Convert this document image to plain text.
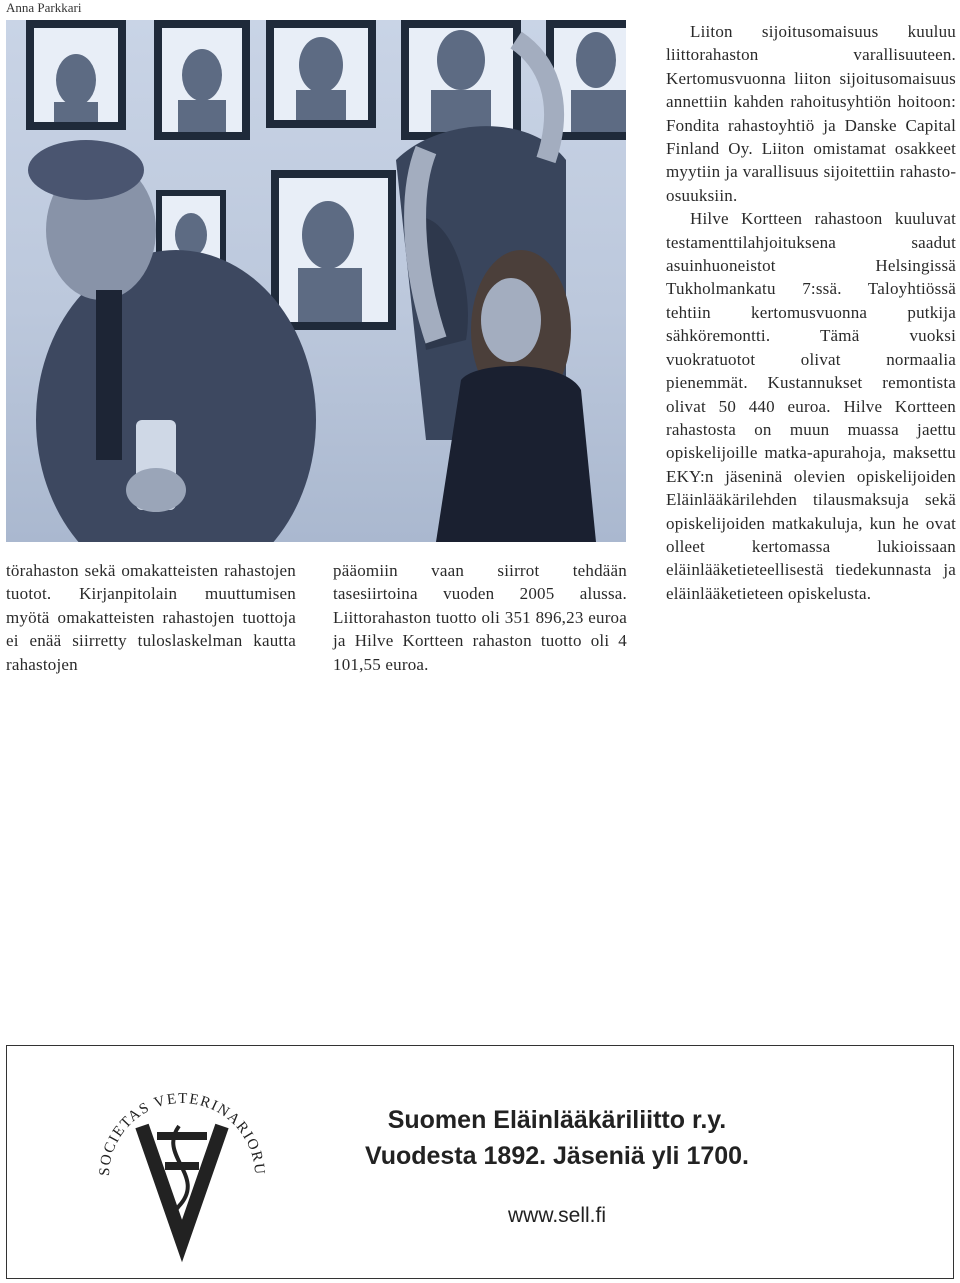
Anna Parkkari

törahaston sekä omakatteisten rahastojen tuotot. Kirjanpitolain muuttumisen myötä omakatteisten rahastojen tuottoja ei enää siirretty tuloslaskelman kautta rahastojen

pääomiin vaan siirrot tehdään tasesiirtoina vuoden 2005 alussa. Liittorahaston tuotto oli 351 896,23 euroa ja Hilve Kortteen rahaston tuotto oli 4 101,55 euroa.

Liiton sijoitusomaisuus kuuluu liittorahaston varallisuuteen. Kertomusvuonna liiton sijoitusomaisuus annettiin kahden rahoitusyhtiön hoitoon: Fondita rahastoyhtiö ja Danske Capital Finland Oy. Liiton omistamat osakkeet myytiin ja varallisuus sijoitettiin rahastoosuuksiin.

Hilve Kortteen rahastoon kuuluvat testamenttilahjoituksena saadut asuinhuoneistot Helsingissä Tukholmankatu 7:ssä. Taloyhtiössä tehtiin kertomusvuonna putkija sähköremontti. Tämä vuoksi vuokratuotot olivat normaalia pienemmät. Kustannukset remontista olivat 50 440 euroa. Hilve Kortteen rahastosta on muun muassa jaettu opiskelijoille matka-apurahoja, maksettu EKY:n jäseninä olevien opiskelijoiden Eläinlääkärilehden tilausmaksuja sekä opiskelijoiden matkakuluja, kun he ovat olleet kertomassa lukioissaan eläinlääketieteellisestä tiedekunnasta ja eläinlääketieteen opiskelusta.

SOCIETAS VETERINARIORU
Suomen Eläinlääkäriliitto r.y.
Vuodesta 1892. Jäseniä yli 1700.
www.sell.fi
